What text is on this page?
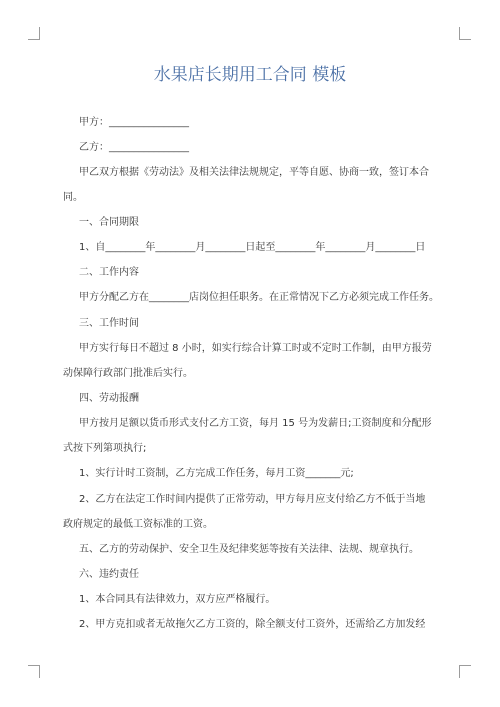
水果店长期用工合同 模板
甲方：________________
乙方：________________
甲乙双方根据《劳动法》及相关法律法规规定，平等自愿、协商一致，签订本合
同。
一、合同期限
1、自________年________月________日起至________年________月________日
二、工作内容
甲方分配乙方在________店岗位担任职务。在正常情况下乙方必须完成工作任务。
三、工作时间
甲方实行每日不超过 8 小时，如实行综合计算工时或不定时工作制，由甲方报劳
动保障行政部门批准后实行。
四、劳动报酬
甲方按月足额以货币形式支付乙方工资，每月 15 号为发薪日;工资制度和分配形
式按下列第项执行;
1、实行计时工资制，乙方完成工作任务，每月工资_______元;
2、乙方在法定工作时间内提供了正常劳动，甲方每月应支付给乙方不低于当地
政府规定的最低工资标准的工资。
五、乙方的劳动保护、安全卫生及纪律奖惩等按有关法律、法规、规章执行。
六、违约责任
1、本合同具有法律效力，双方应严格履行。
2、甲方克扣或者无故拖欠乙方工资的，除全额支付工资外，还需给乙方加发经
